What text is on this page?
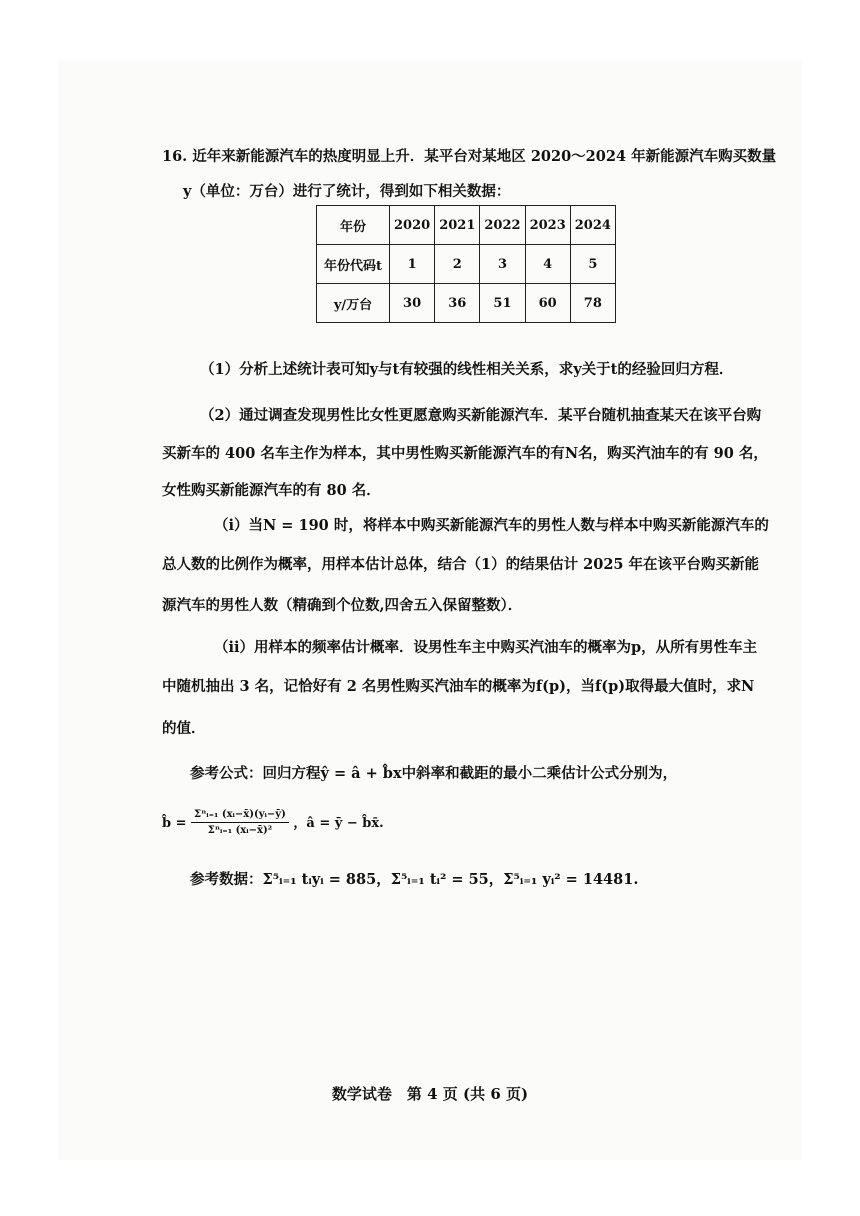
16. 近年来新能源汽车的热度明显上升．某平台对某地区 2020～2024 年新能源汽车购买数量
y（单位：万台）进行了统计，得到如下相关数据：
年份	2020	2021	2022	2023	2024
年份代码t	1	2	3	4	5
y/万台	30	36	51	60	78
（1）分析上述统计表可知y与t有较强的线性相关关系，求y关于t的经验回归方程．
（2）通过调查发现男性比女性更愿意购买新能源汽车．某平台随机抽查某天在该平台购
买新车的 400 名车主作为样本，其中男性购买新能源汽车的有N名，购买汽油车的有 90 名，
女性购买新能源汽车的有 80 名．
（i）当N = 190 时，将样本中购买新能源汽车的男性人数与样本中购买新能源汽车的
总人数的比例作为概率，用样本估计总体，结合（1）的结果估计 2025 年在该平台购买新能
源汽车的男性人数（精确到个位数,四舍五入保留整数）．
（ii）用样本的频率估计概率．设男性车主中购买汽油车的概率为p，从所有男性车主
中随机抽出 3 名，记恰好有 2 名男性购买汽油车的概率为f(p)，当f(p)取得最大值时，求N
的值．
参考公式：回归方程ŷ = â + b̂x中斜率和截距的最小二乘估计公式分别为，
b̂ = $\frac{\text{Σⁿᵢ₌₁ (xᵢ−x̄)(yᵢ−ȳ)}}{\text{Σⁿᵢ₌₁ (xᵢ−x̄)²}}$ ，â = ȳ − b̂x̄.
参考数据：Σ⁵ᵢ₌₁ tᵢyᵢ = 885，Σ⁵ᵢ₌₁ tᵢ² = 55，Σ⁵ᵢ₌₁ yᵢ² = 14481.
数学试卷　第 4 页 (共 6 页)
